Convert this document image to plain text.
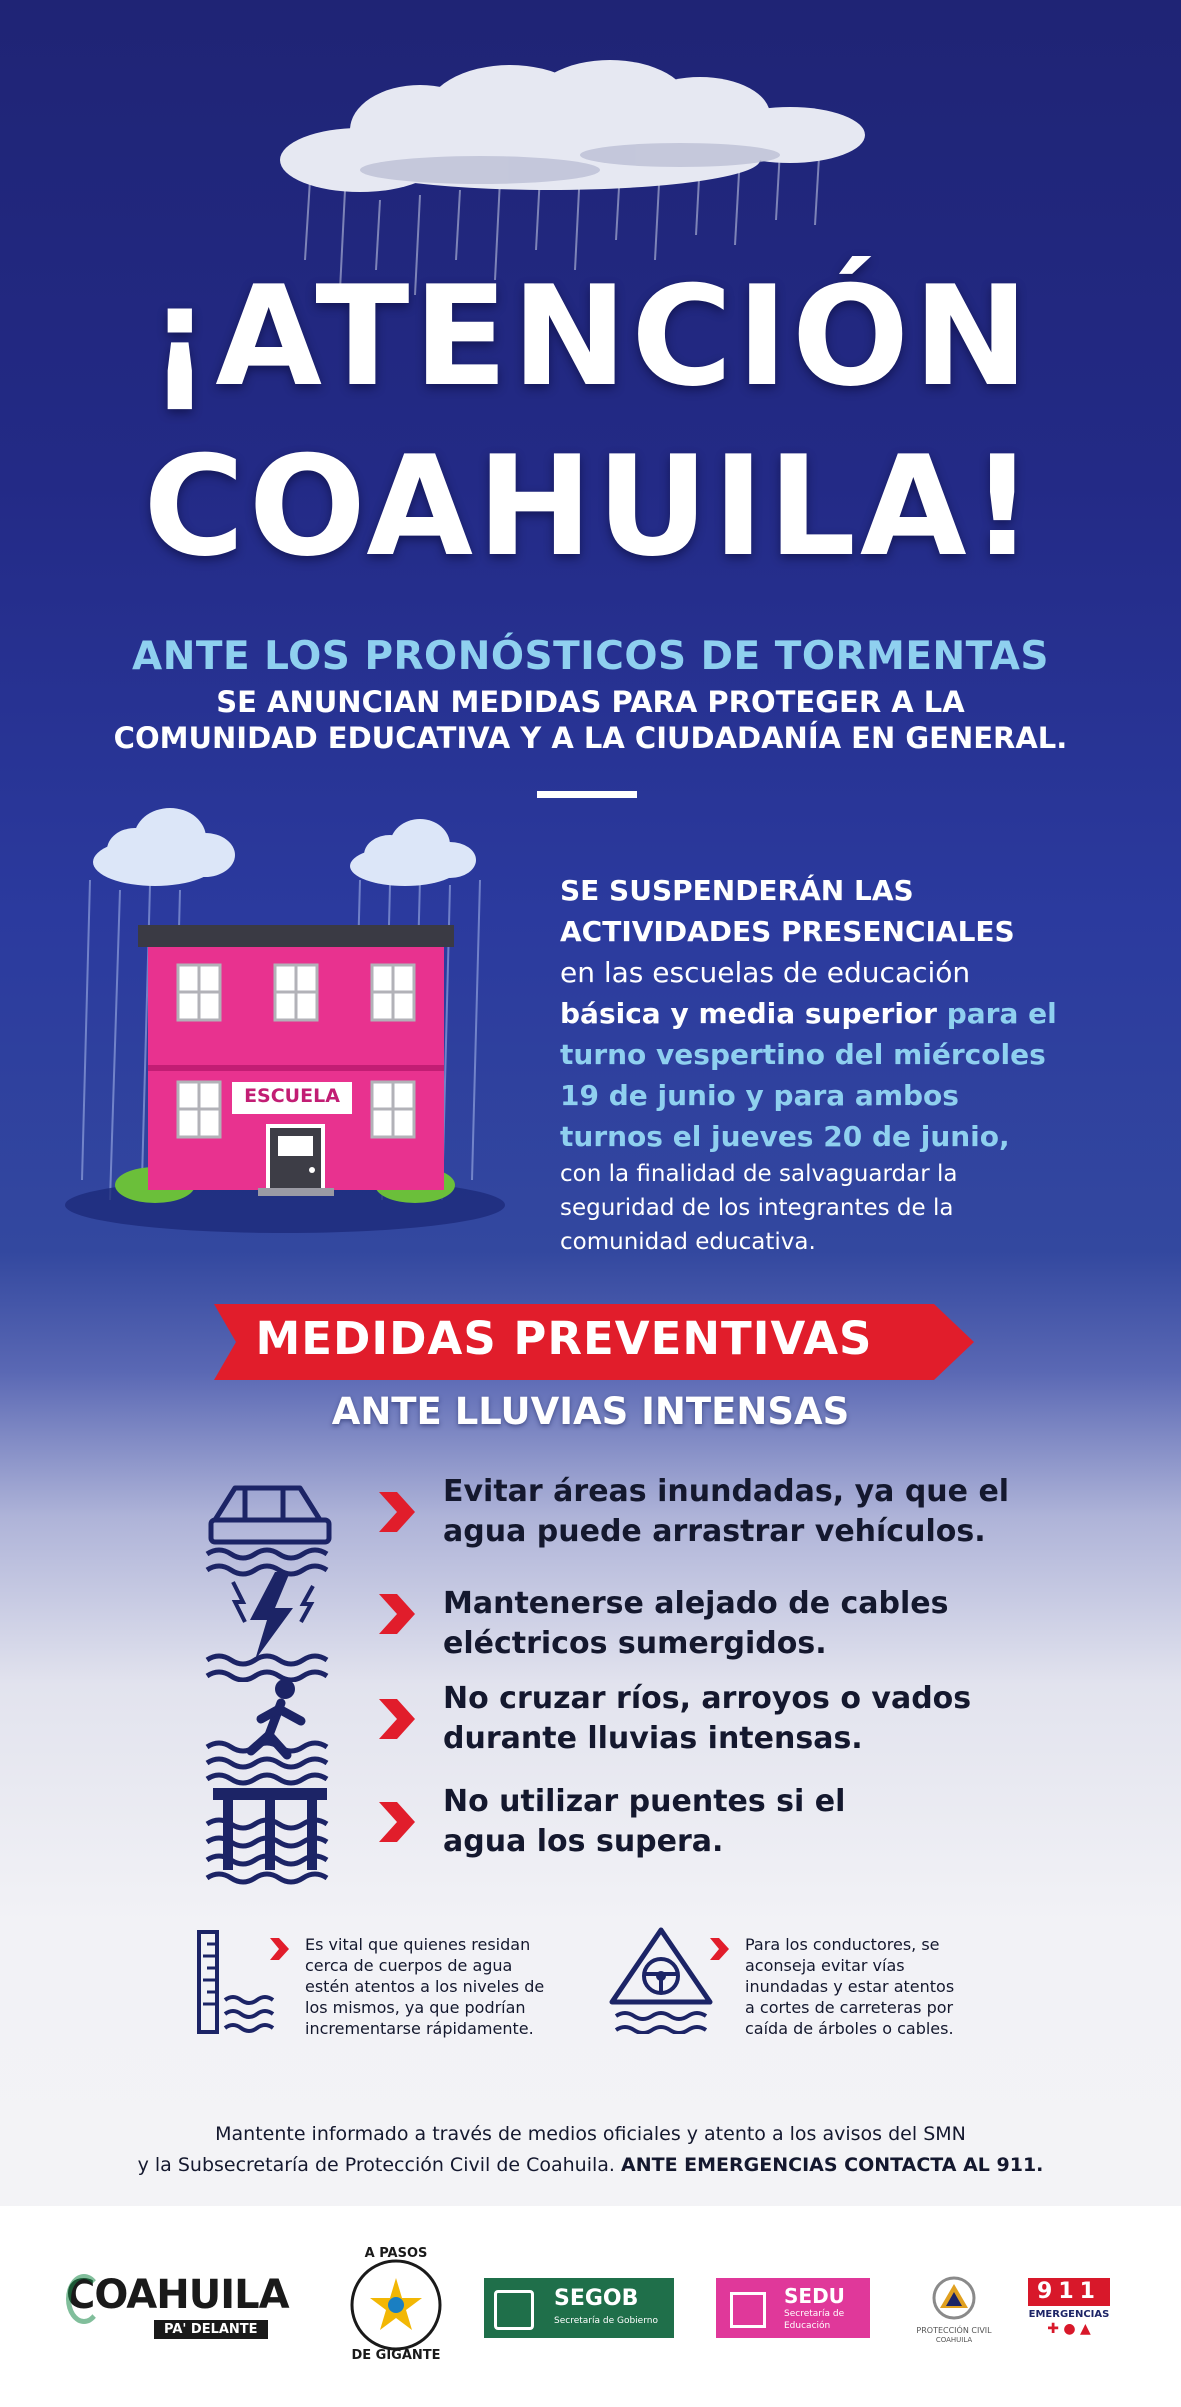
¡ATENCIÓN
COAHUILA!
ANTE LOS PRONÓSTICOS DE TORMENTAS
SE ANUNCIAN MEDIDAS PARA PROTEGER A LA
COMUNIDAD EDUCATIVA Y A LA CIUDADANÍA EN GENERAL.
ESCUELA
SE SUSPENDERÁN LAS
ACTIVIDADES PRESENCIALES
en las escuelas de educación
básica y media superior para el
turno vespertino del miércoles
19 de junio y para ambos
turnos el jueves 20 de junio,
con la finalidad de salvaguardar la
seguridad de los integrantes de la
comunidad educativa.
MEDIDAS PREVENTIVAS
ANTE LLUVIAS INTENSAS
Evitar áreas inundadas, ya que el
agua puede arrastrar vehículos.
Mantenerse alejado de cables
eléctricos sumergidos.
No cruzar ríos, arroyos o vados
durante lluvias intensas.
No utilizar puentes si el
agua los supera.
Es vital que quienes residan
cerca de cuerpos de agua
estén atentos a los niveles de
los mismos, ya que podrían
incrementarse rápidamente.
Para los conductores, se
aconseja evitar vías
inundadas y estar atentos
a cortes de carreteras por
caída de árboles o cables.
Mantente informado a través de medios oficiales y atento a los avisos del SMN
y la Subsecretaría de Protección Civil de Coahuila. ANTE EMERGENCIAS CONTACTA AL 911.
COAHUILA
PA' DELANTE
A PASOS
DE GIGANTE
SEGOB
Secretaría de Gobierno
SEDU
Secretaría de
Educación	PROTECCIÓN CIVIL
COAHUILA
911
EMERGENCIAS
✚ ● ▲
